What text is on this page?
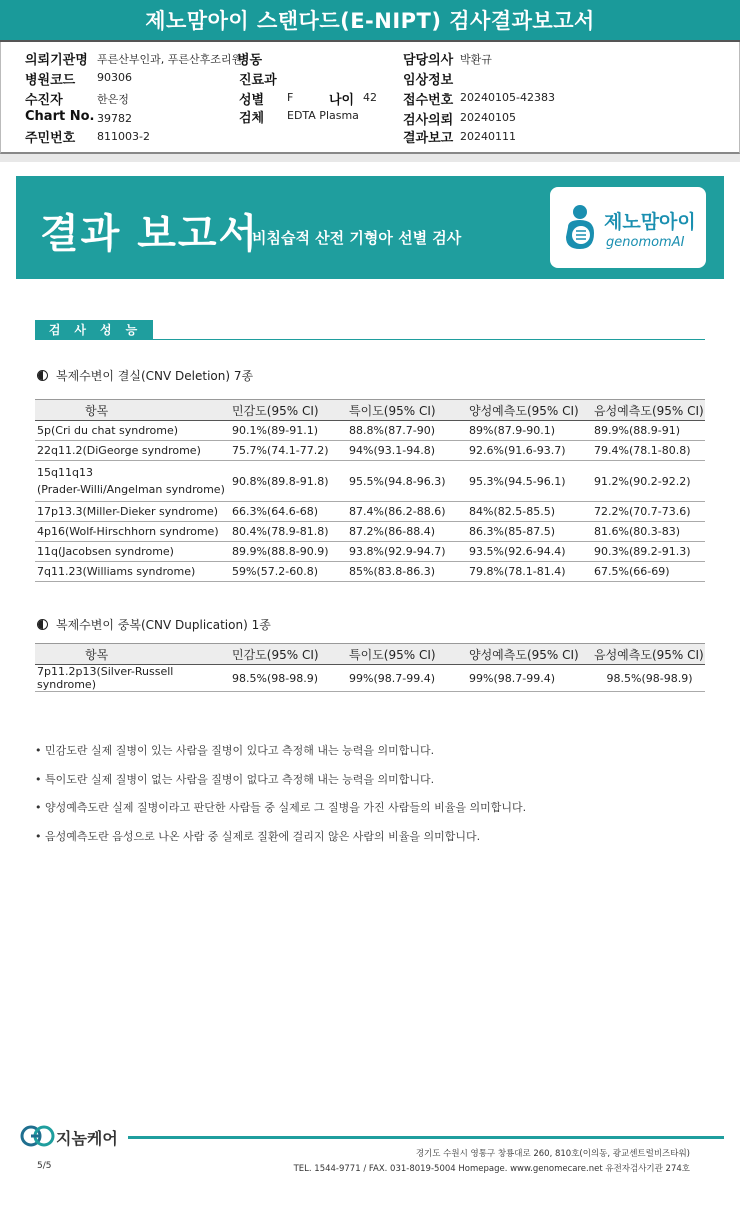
제노맘아이 스탠다드(E-NIPT) 검사결과보고서
의뢰기관명 푸른산부인과, 푸른산후조리원
병동	담당의사 박환규
병원코드 90306	진료과	임상정보
수진자	한은정	성별 F	나이 42 접수번호 20240105-42383
Chart No. 39782	검체 EDTA Plasma	검사의뢰 20240105
주민번호 811003-2	결과보고 20240111
결과 보고서
비침습적 산전 기형아 선별 검사
제노맘아이
genomomAI
검사성능
복제수변이 결실(CNV Deletion) 7종
항목	민감도(95% CI)	특이도(95% CI)	양성예측도(95% CI)	음성예측도(95% CI)
5p(Cri du chat syndrome)	90.1%(89-91.1)	88.8%(87.7-90)	89%(87.9-90.1)	89.9%(88.9-91)
22q11.2(DiGeorge syndrome)	75.7%(74.1-77.2)	94%(93.1-94.8)	92.6%(91.6-93.7)	79.4%(78.1-80.8)

15q11q13
(Prader-Willi/Angelman syndrome)	90.8%(89.8-91.8)	95.5%(94.8-96.3)	95.3%(94.5-96.1)	91.2%(90.2-92.2)
17p13.3(Miller-Dieker syndrome)	66.3%(64.6-68)	87.4%(86.2-88.6)	84%(82.5-85.5)	72.2%(70.7-73.6)
4p16(Wolf-Hirschhorn syndrome)	80.4%(78.9-81.8)	87.2%(86-88.4)	86.3%(85-87.5)	81.6%(80.3-83)
11q(Jacobsen syndrome)	89.9%(88.8-90.9)	93.8%(92.9-94.7)	93.5%(92.6-94.4)	90.3%(89.2-91.3)
7q11.23(Williams syndrome)	59%(57.2-60.8)	85%(83.8-86.3)	79.8%(78.1-81.4)	67.5%(66-69)
복제수변이 중복(CNV Duplication) 1종
항목	민감도(95% CI)	특이도(95% CI)	양성예측도(95% CI)	음성예측도(95% CI)
7p11.2p13(Silver-Russell syndrome)	98.5%(98-98.9)	99%(98.7-99.4)	99%(98.7-99.4)	98.5%(98-98.9)

• 민감도란 실제 질병이 있는 사람을 질병이 있다고 측정해 내는 능력을 의미합니다.

• 특이도란 실제 질병이 없는 사람을 질병이 없다고 측정해 내는 능력을 의미합니다.

• 양성예측도란 실제 질병이라고 판단한 사람들 중 실제로 그 질병을 가진 사람들의 비율을 의미합니다.

• 음성예측도란 음성으로 나온 사람 중 실제로 질환에 걸리지 않은 사람의 비율을 의미합니다.

지놈케어
5/5
경기도 수원시 영통구 창룡대로 260, 810호(이의동, 광교센트럴비즈타워)
TEL. 1544-9771 / FAX. 031-8019-5004 Homepage. www.genomecare.net 유전자검사기관 274호
